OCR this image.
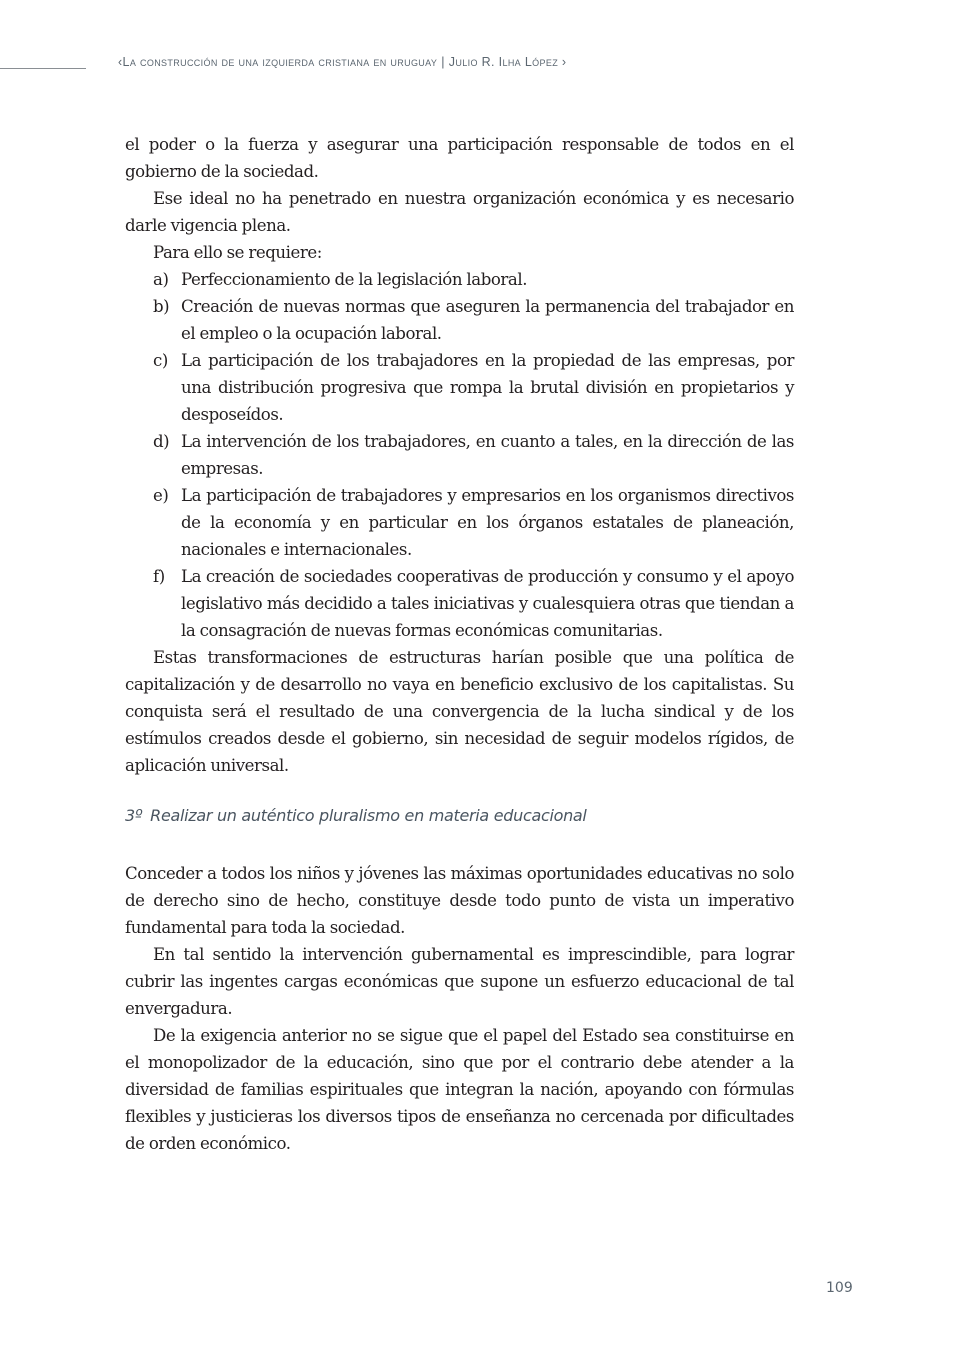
‹La construcción de una izquierda cristiana en uruguay | Julio R. Ilha López ›

el poder o la fuerza y asegurar una participación responsable de todos en el gobierno de la sociedad.

Ese ideal no ha penetrado en nuestra organización económica y es necesario darle vigencia plena.

Para ello se requiere:

a) Perfeccionamiento de la legislación laboral.
b) Creación de nuevas normas que aseguren la permanencia del trabajador en el empleo o la ocupación laboral.
c) La participación de los trabajadores en la propiedad de las empresas, por una distribución progresiva que rompa la brutal división en propietarios y desposeídos.
d) La intervención de los trabajadores, en cuanto a tales, en la dirección de las empresas.
e) La participación de trabajadores y empresarios en los organismos directivos de la economía y en particular en los órganos estatales de planeación, nacionales e internacionales.
f) La creación de sociedades cooperativas de producción y consumo y el apoyo legislativo más decidido a tales iniciativas y cualesquiera otras que tiendan a la consagración de nuevas formas económicas comunitarias.

Estas transformaciones de estructuras harían posible que una política de capitalización y de desarrollo no vaya en beneficio exclusivo de los capitalistas. Su conquista será el resultado de una convergencia de la lucha sindical y de los estímulos creados desde el gobierno, sin necesidad de seguir modelos rígidos, de aplicación universal.

3º Realizar un auténtico pluralismo en materia educacional

Conceder a todos los niños y jóvenes las máximas oportunidades educativas no solo de derecho sino de hecho, constituye desde todo punto de vista un imperativo fundamental para toda la sociedad.

En tal sentido la intervención gubernamental es imprescindible, para lograr cubrir las ingentes cargas económicas que supone un esfuerzo educacional de tal envergadura.

De la exigencia anterior no se sigue que el papel del Estado sea constituirse en el monopolizador de la educación, sino que por el contrario debe atender a la diversidad de familias espirituales que integran la nación, apoyando con fórmulas flexibles y justicieras los diversos tipos de enseñanza no cercenada por dificultades de orden económico.

109
